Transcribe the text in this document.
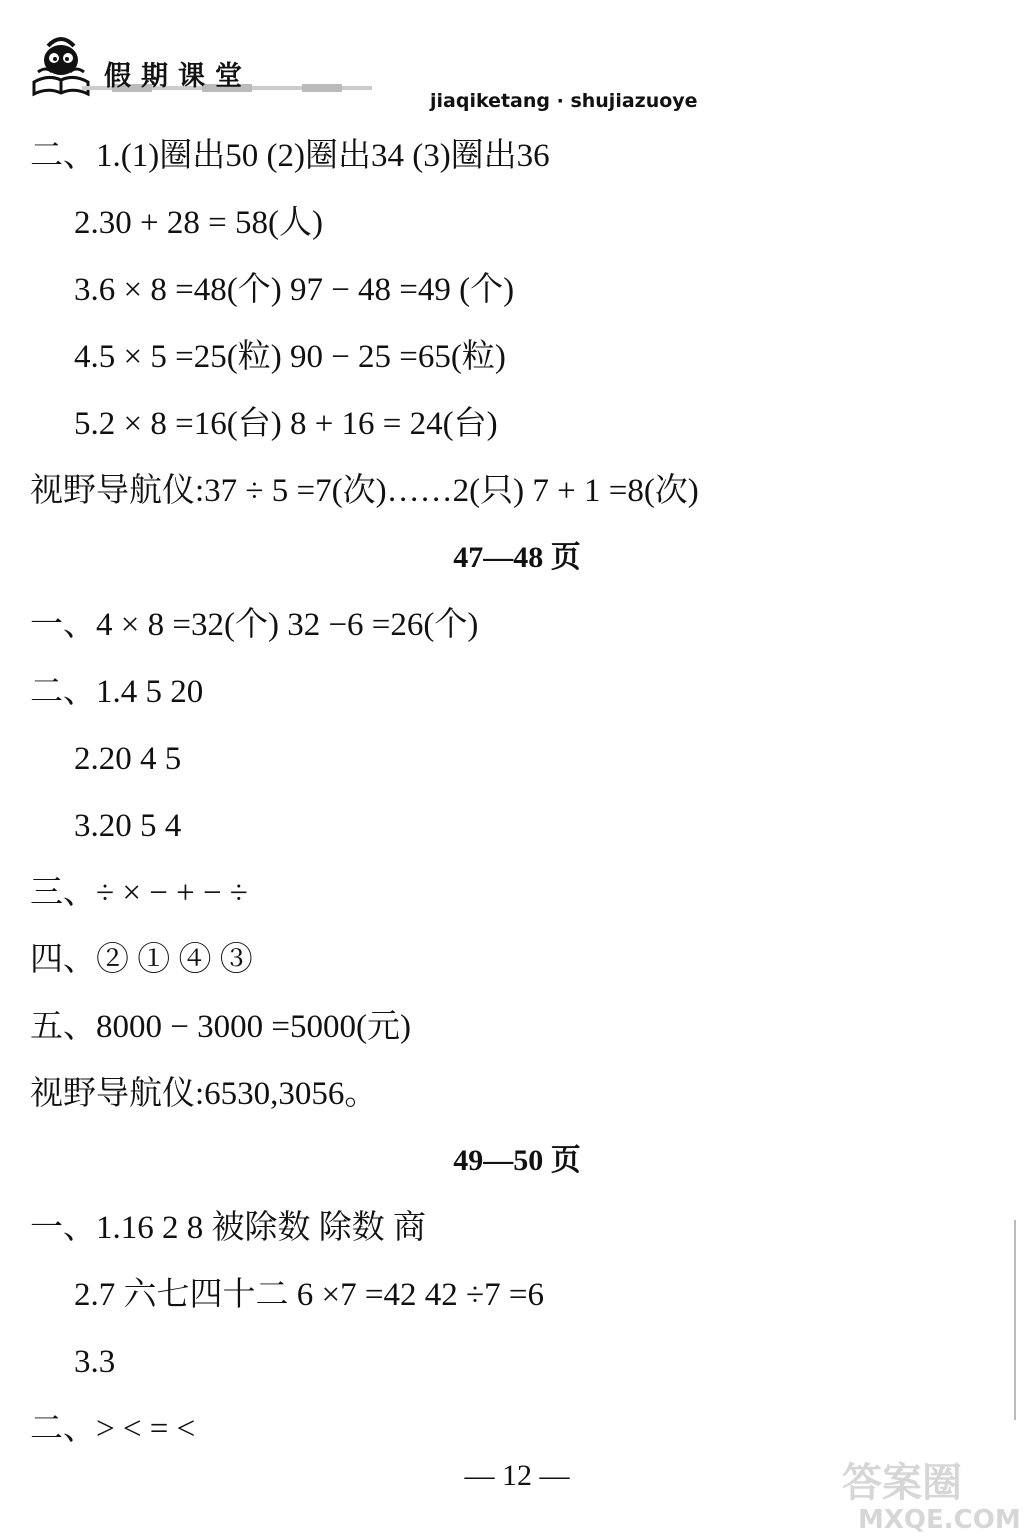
假期课堂
jiaqiketang · shujiazuoye
二、1.(1)圈出50 (2)圈出34 (3)圈出36
2.30 + 28 = 58(人)
3.6 × 8 =48(个) 97 − 48 =49 (个)
4.5 × 5 =25(粒) 90 − 25 =65(粒)
5.2 × 8 =16(台) 8 + 16 = 24(台)
视野导航仪:37 ÷ 5 =7(次)……2(只) 7 + 1 =8(次)
47—48 页
一、4 × 8 =32(个) 32 −6 =26(个)
二、1.4 5 20
2.20 4 5
3.20 5 4
三、÷ × − + − ÷
四、② ① ④ ③
五、8000 − 3000 =5000(元)
视野导航仪:6530,3056。
49—50 页
一、1.16 2 8 被除数 除数 商
2.7 六七四十二 6 ×7 =42 42 ÷7 =6
3.3
二、> < = <
— 12 —	答案圈
MXQE.COM
